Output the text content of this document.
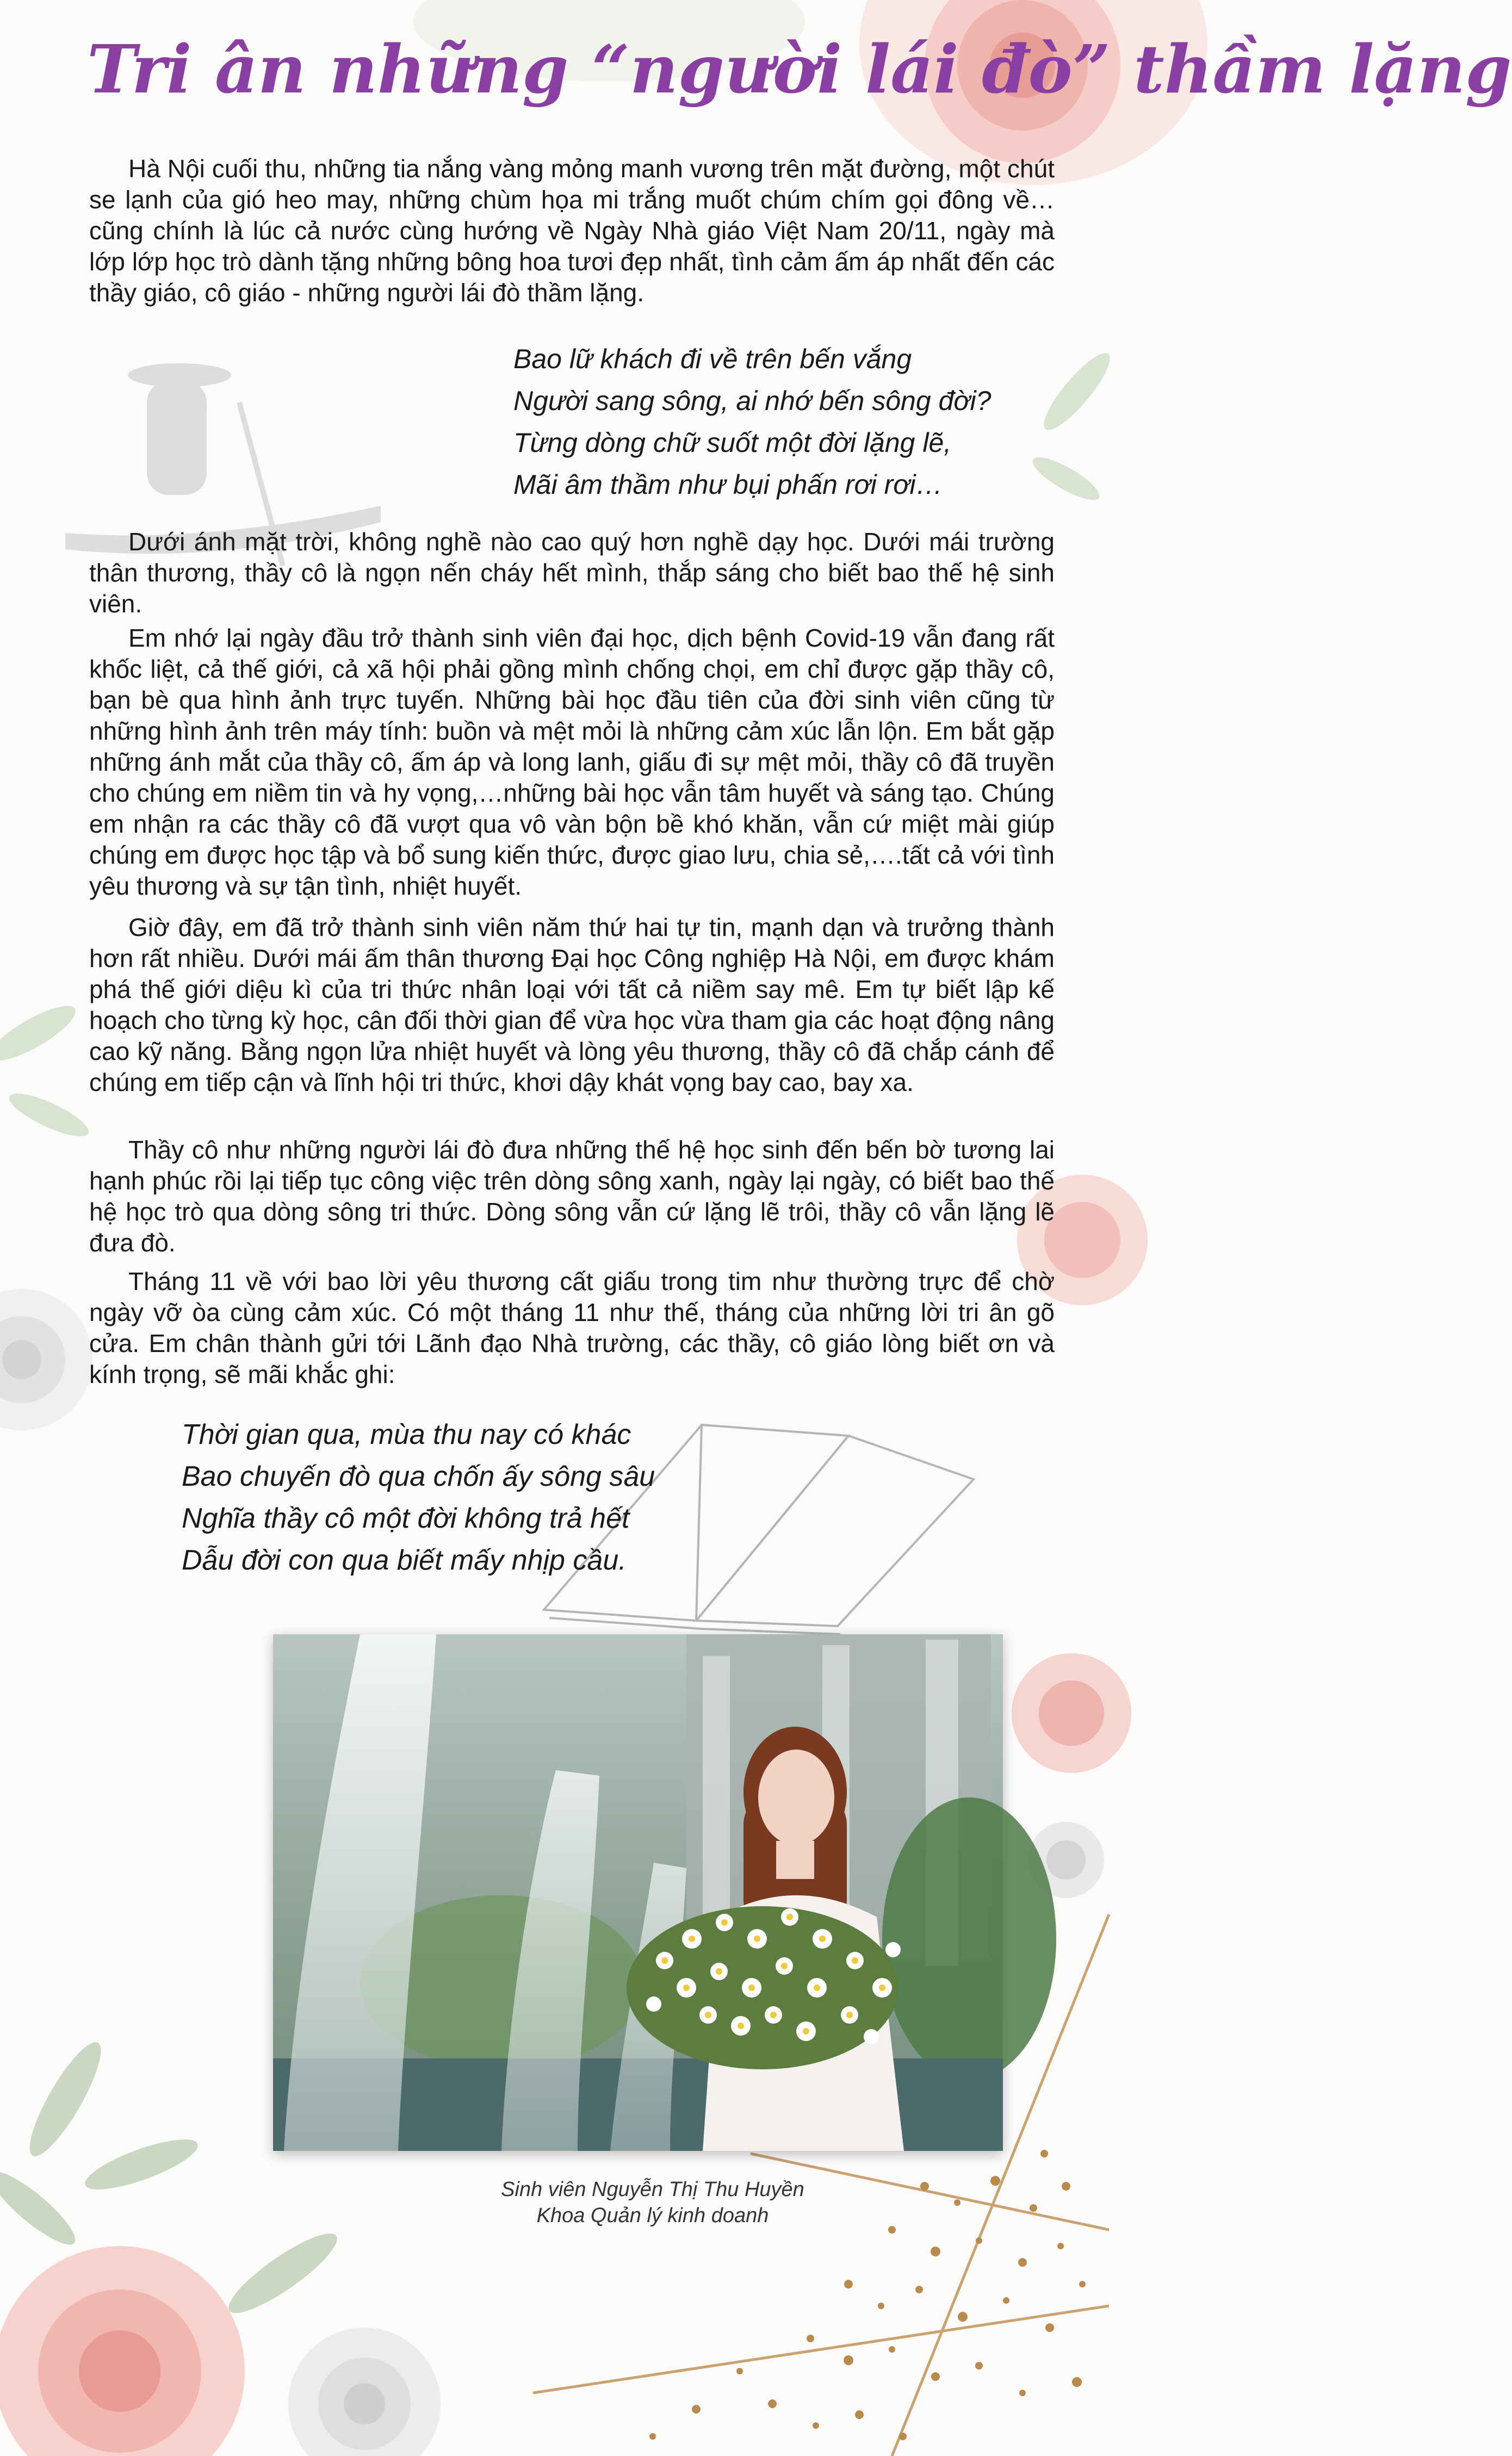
Tri ân những “người lái đò” thầm lặng

Hà Nội cuối thu, những tia nắng vàng mỏng manh vương trên mặt đường, một chút se lạnh của gió heo may, những chùm họa mi trắng muốt chúm chím gọi đông về…cũng chính là lúc cả nước cùng hướng về Ngày Nhà giáo Việt Nam 20/11, ngày mà lớp lớp học trò dành tặng những bông hoa tươi đẹp nhất, tình cảm ấm áp nhất đến các thầy giáo, cô giáo - những người lái đò thầm lặng.

Bao lữ khách đi về trên bến vắng
Người sang sông, ai nhớ bến sông đời?
Từng dòng chữ suốt một đời lặng lẽ,
Mãi âm thầm như bụi phấn rơi rơi…

Dưới ánh mặt trời, không nghề nào cao quý hơn nghề dạy học. Dưới mái trường thân thương, thầy cô là ngọn nến cháy hết mình, thắp sáng cho biết bao thế hệ sinh viên.

Em nhớ lại ngày đầu trở thành sinh viên đại học, dịch bệnh Covid-19 vẫn đang rất khốc liệt, cả thế giới, cả xã hội phải gồng mình chống chọi, em chỉ được gặp thầy cô, bạn bè qua hình ảnh trực tuyến. Những bài học đầu tiên của đời sinh viên cũng từ những hình ảnh trên máy tính: buồn và mệt mỏi là những cảm xúc lẫn lộn. Em bắt gặp những ánh mắt của thầy cô, ấm áp và long lanh, giấu đi sự mệt mỏi, thầy cô đã truyền cho chúng em niềm tin và hy vọng,…những bài học vẫn tâm huyết và sáng tạo. Chúng em nhận ra các thầy cô đã vượt qua vô vàn bộn bề khó khăn, vẫn cứ miệt mài giúp chúng em được học tập và bổ sung kiến thức, được giao lưu, chia sẻ,….tất cả với tình yêu thương và sự tận tình, nhiệt huyết.

Giờ đây, em đã trở thành sinh viên năm thứ hai tự tin, mạnh dạn và trưởng thành hơn rất nhiều. Dưới mái ấm thân thương Đại học Công nghiệp Hà Nội, em được khám phá thế giới diệu kì của tri thức nhân loại với tất cả niềm say mê. Em tự biết lập kế hoạch cho từng kỳ học, cân đối thời gian để vừa học vừa tham gia các hoạt động nâng cao kỹ năng. Bằng ngọn lửa nhiệt huyết và lòng yêu thương, thầy cô đã chắp cánh để chúng em tiếp cận và lĩnh hội tri thức, khơi dậy khát vọng bay cao, bay xa.

Thầy cô như những người lái đò đưa những thế hệ học sinh đến bến bờ tương lai hạnh phúc rồi lại tiếp tục công việc trên dòng sông xanh, ngày lại ngày, có biết bao thế hệ học trò qua dòng sông tri thức. Dòng sông vẫn cứ lặng lẽ trôi, thầy cô vẫn lặng lẽ đưa đò.

Tháng 11 về với bao lời yêu thương cất giấu trong tim như thường trực để chờ ngày vỡ òa cùng cảm xúc. Có một tháng 11 như thế, tháng của những lời tri ân gõ cửa. Em chân thành gửi tới Lãnh đạo Nhà trường, các thầy, cô giáo lòng biết ơn và kính trọng, sẽ mãi khắc ghi:

Thời gian qua, mùa thu nay có khác
Bao chuyến đò qua chốn ấy sông sâu
Nghĩa thầy cô một đời không trả hết
Dẫu đời con qua biết mấy nhịp cầu.

Sinh viên Nguyễn Thị Thu Huyền

Khoa Quản lý kinh doanh
